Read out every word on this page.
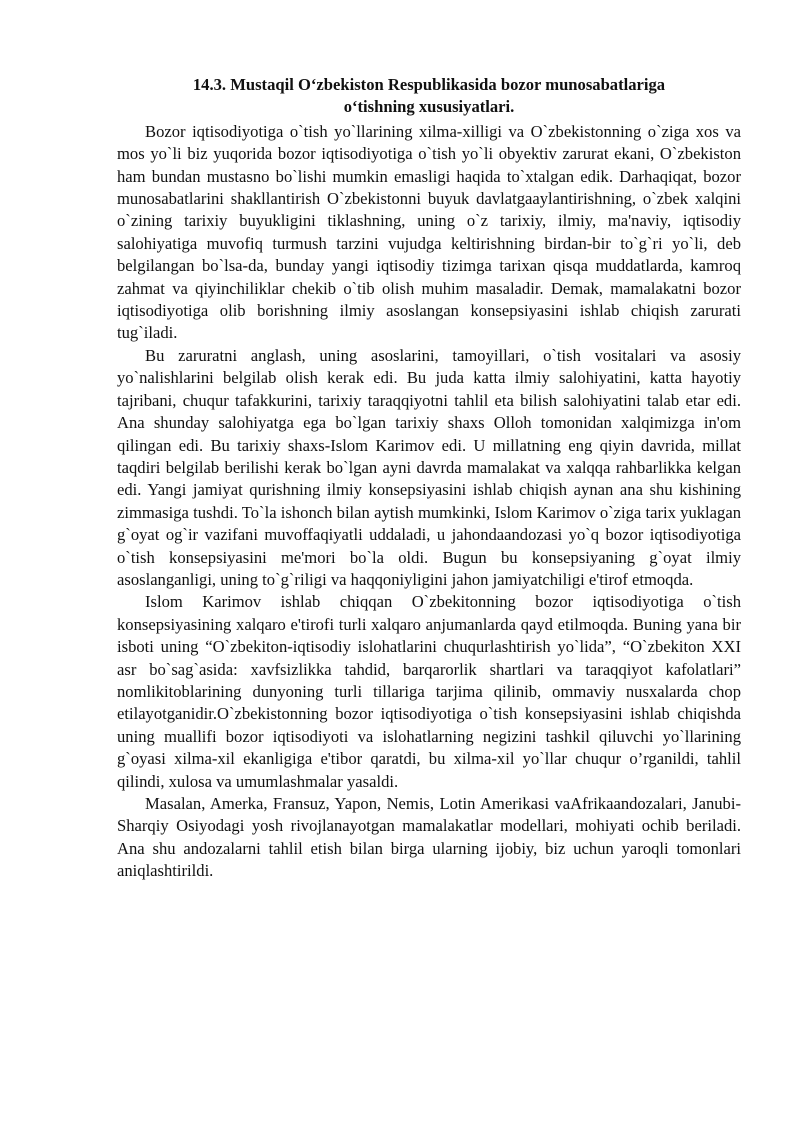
14.3. Mustaqil O‘zbekiston Respublikasida bozor munosabatlariga
o‘tishning xususiyatlari.

Bozor iqtisodiyotiga o`tish yo`llarining xilma-xilligi va O`zbekistonning o`ziga xos va mos yo`li biz yuqorida bozor iqtisodiyotiga o`tish yo`li obyektiv zarurat ekani, O`zbekiston ham bundan mustasno bo`lishi mumkin emasligi haqida to`xtalgan edik. Darhaqiqat, bozor munosabatlarini shakllantirish O`zbekistonni buyuk davlatgaaylantirishning, o`zbek xalqini o`zining tarixiy buyukligini tiklashning, uning o`z tarixiy, ilmiy, ma'naviy, iqtisodiy salohiyatiga muvofiq turmush tarzini vujudga keltirishning birdan-bir to`g`ri yo`li, deb belgilangan bo`lsa-da, bunday yangi iqtisodiy tizimga tarixan qisqa muddatlarda, kamroq zahmat va qiyinchiliklar chekib o`tib olish muhim masaladir. Demak, mamalakatni bozor iqtisodiyotiga olib borishning ilmiy asoslangan konsepsiyasini ishlab chiqish zarurati tug`iladi.

Bu zaruratni anglash, uning asoslarini, tamoyillari, o`tish vositalari va asosiy yo`nalishlarini belgilab olish kerak edi. Bu juda katta ilmiy salohiyatini, katta hayotiy tajribani, chuqur tafakkurini, tarixiy taraqqiyotni tahlil eta bilish salohiyatini talab etar edi. Ana shunday salohiyatga ega bo`lgan tarixiy shaxs Olloh tomonidan xalqimizga in'om qilingan edi. Bu tarixiy shaxs-Islom Karimov edi. U millatning eng qiyin davrida, millat taqdiri belgilab berilishi kerak bo`lgan ayni davrda mamalakat va xalqqa rahbarlikka kelgan edi. Yangi jamiyat qurishning ilmiy konsepsiyasini ishlab chiqish aynan ana shu kishining zimmasiga tushdi. To`la ishonch bilan aytish mumkinki, Islom Karimov o`ziga tarix yuklagan g`oyat og`ir vazifani muvoffaqiyatli uddaladi, u jahondaandozasi yo`q bozor iqtisodiyotiga o`tish konsepsiyasini me'mori bo`la oldi. Bugun bu konsepsiyaning g`oyat ilmiy asoslanganligi, uning to`g`riligi va haqqoniyligini jahon jamiyatchiligi e'tirof etmoqda.

Islom Karimov ishlab chiqqan O`zbekitonning bozor iqtisodiyotiga o`tish konsepsiyasining xalqaro e'tirofi turli xalqaro anjumanlarda qayd etilmoqda. Buning yana bir isboti uning “O`zbekiton-iqtisodiy islohatlarini chuqurlashtirish yo`lida”, “O`zbekiton XXI asr bo`sag`asida: xavfsizlikka tahdid, barqarorlik shartlari va taraqqiyot kafolatlari” nomlikitoblarining dunyoning turli tillariga tarjima qilinib, ommaviy nusxalarda chop etilayotganidir.O`zbekistonning bozor iqtisodiyotiga o`tish konsepsiyasini ishlab chiqishda uning muallifi bozor iqtisodiyoti va islohatlarning negizini tashkil qiluvchi yo`llarining g`oyasi xilma-xil ekanligiga e'tibor qaratdi, bu xilma-xil yo`llar chuqur o’rganildi, tahlil qilindi, xulosa va umumlashmalar yasaldi.

Masalan, Amerka, Fransuz, Yapon, Nemis, Lotin Amerikasi vaAfrikaandozalari, Janubi-Sharqiy Osiyodagi yosh rivojlanayotgan mamalakatlar modellari, mohiyati ochib beriladi. Ana shu andozalarni tahlil etish bilan birga ularning ijobiy, biz uchun yaroqli tomonlari aniqlashtirildi.
